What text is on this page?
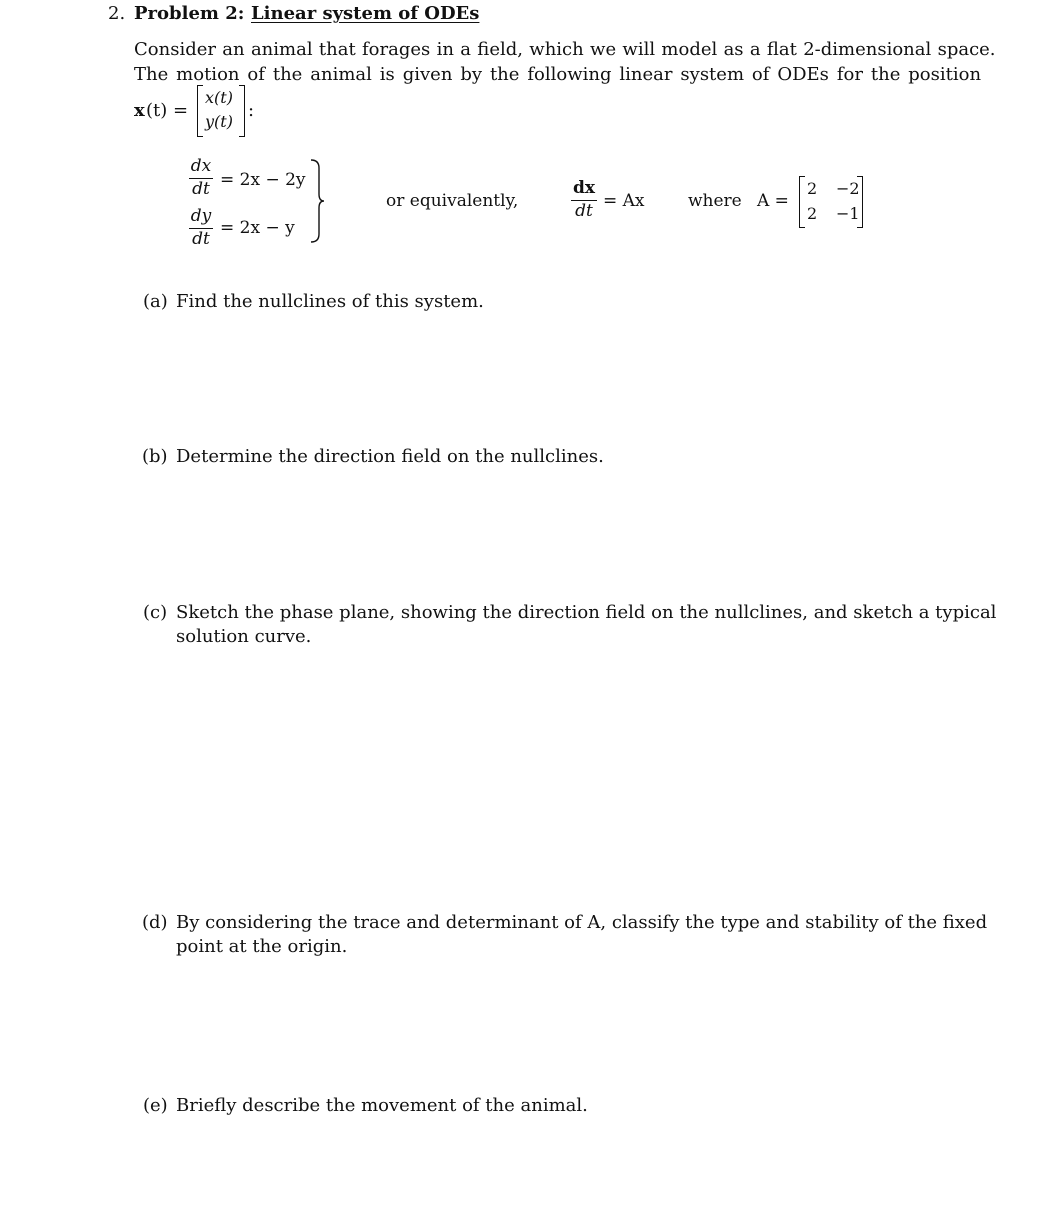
2. Problem 2: Linear system of ODEs
Consider an animal that forages in a field, which we will model as a flat 2-dimensional space.
The motion of the animal is given by the following linear system of ODEs for the position
x (t) =
x(t)
y(t)
:
dx
dt = 2x − 2y
dy
dt
= 2x − y
or equivalently,
dx
dt = Ax	where A =
2 −2
2 −1
(a) Find the nullclines of this system.
(b) Determine the direction field on the nullclines.
(c) Sketch the phase plane, showing the direction field on the nullclines, and sketch a typical
solution curve.
(d) By considering the trace and determinant of A, classify the type and stability of the fixed
point at the origin.
(e) Briefly describe the movement of the animal.
